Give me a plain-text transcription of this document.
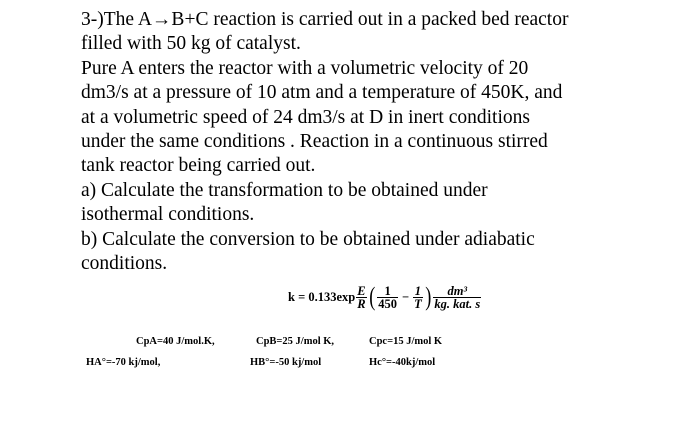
3-)The A→B+C reaction is carried out in a packed bed reactor
filled with 50 kg of catalyst.
Pure A enters the reactor with a volumetric velocity of 20
dm3/s at a pressure of 10 atm and a temperature of 450K, and
at a volumetric speed of 24 dm3/s at D in inert conditions
under the same conditions . Reaction in a continuous stirred
tank reactor being carried out.
a) Calculate the transformation to be obtained under
isothermal conditions.
b) Calculate the conversion to be obtained under adiabatic
conditions.
$k = 0.133\exp \frac{E}{R}$ ( $\frac{1}{450} - \frac{1}{T}$ ) $\frac{\text{dm³}}{\text{kg. kat. s}}$
CpA=40 J/mol.K,	CpB=25 J/mol K,	Cpc=15 J/mol K
HA°=-70 kj/mol,	HB°=-50 kj/mol	Hc°=-40kj/mol
